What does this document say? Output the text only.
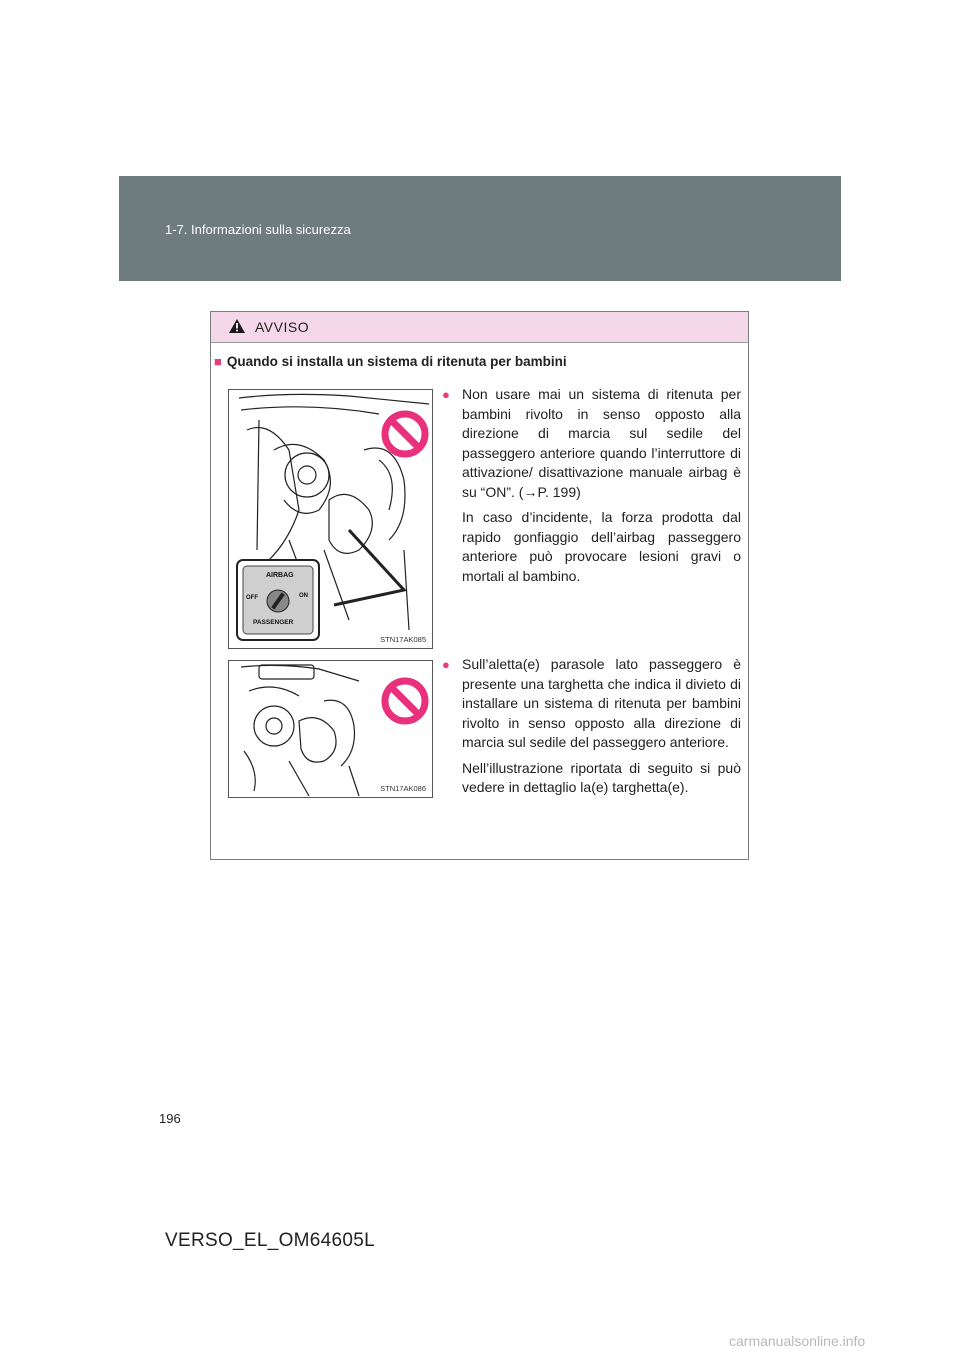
1-7. Informazioni sulla sicurezza
AVVISO
■ Quando si installa un sistema di ritenuta per bambini
AIRBAG
OFF	ON
PASSENGER
STN17AK085
STN17AK086

● Non usare mai un sistema di ritenuta per bambini rivolto in senso opposto alla direzione di marcia sul sedile del passeggero anteriore quando l’interruttore di attivazione/ disattivazione manuale airbag è su “ON”. (→P. 199)

In caso d’incidente, la forza prodotta dal rapido gonfiaggio dell’airbag passeggero anteriore può provocare lesioni gravi o mortali al bambino.

● Sull’aletta(e) parasole lato passeggero è presente una targhetta che indica il divieto di installare un sistema di ritenuta per bambini rivolto in senso opposto alla direzione di marcia sul sedile del passeggero anteriore.

Nell’illustrazione riportata di seguito si può vedere in dettaglio la(e) targhetta(e).

196
VERSO_EL_OM64605L
carmanualsonline.info
